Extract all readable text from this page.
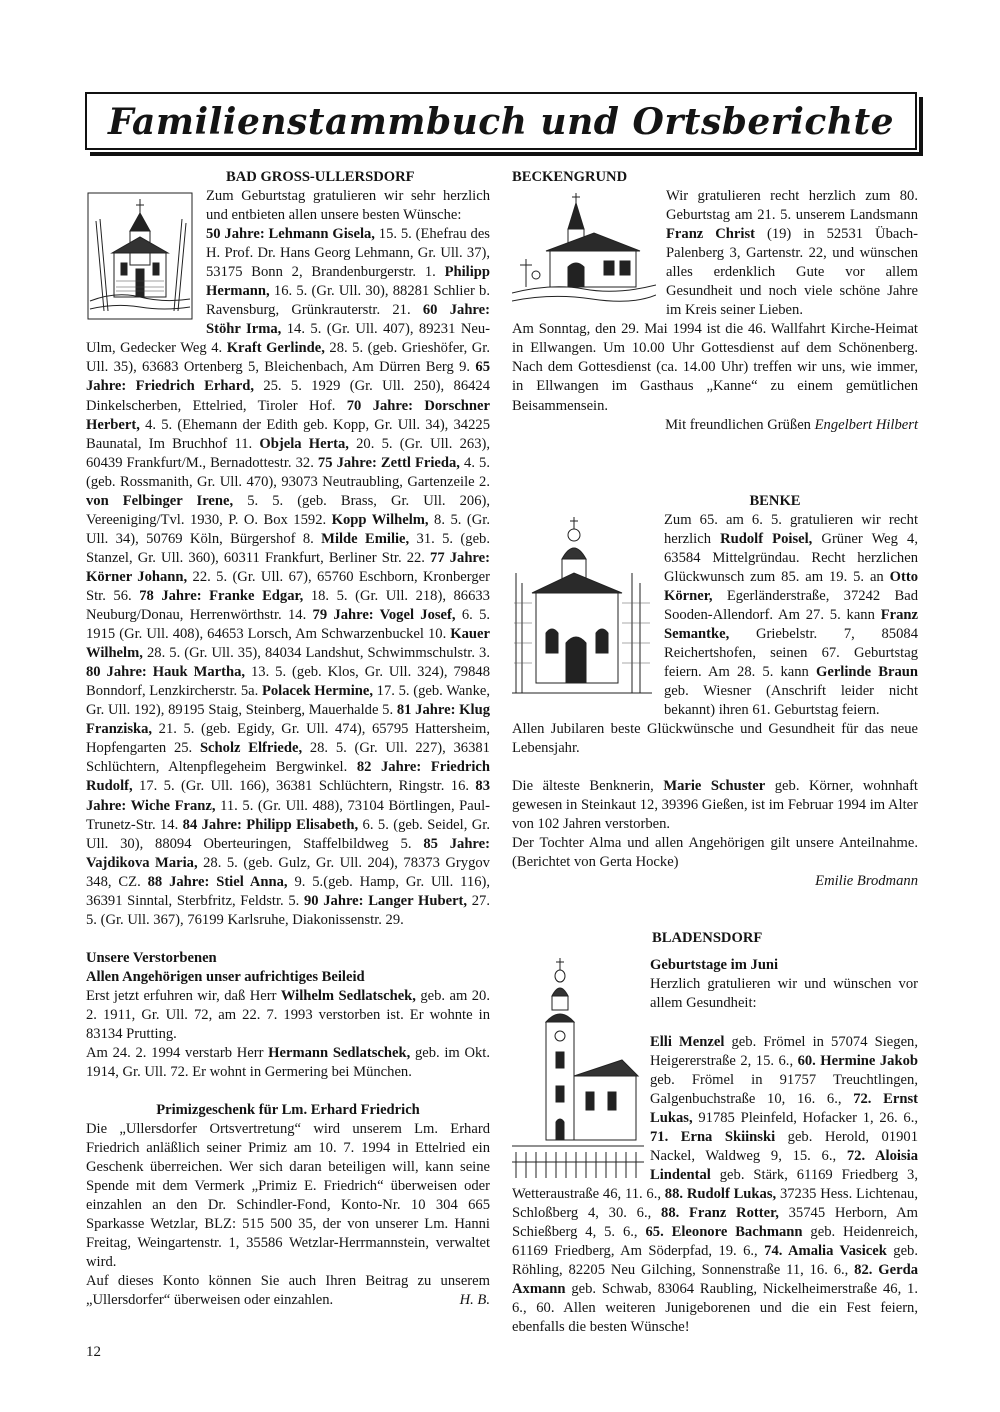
Familienstammbuch und Ortsberichte
BAD GROSS-ULLERSDORF

Zum Geburtstag gratulieren wir sehr herzlich und entbieten allen unsere besten Wünsche:

50 Jahre: Lehmann Gisela, 15. 5. (Ehefrau des H. Prof. Dr. Hans Georg Lehmann, Gr. Ull. 37), 53175 Bonn 2, Brandenburgerstr. 1. Philipp Hermann, 16. 5. (Gr. Ull. 30), 88281 Schlier b. Ravensburg, Grünkrauterstr. 21. 60 Jahre: Stöhr Irma, 14. 5. (Gr. Ull. 407), 89231 Neu-Ulm, Gedecker Weg 4. Kraft Gerlinde, 28. 5. (geb. Grieshöfer, Gr. Ull. 35), 63683 Ortenberg 5, Bleichenbach, Am Dürren Berg 9. 65 Jahre: Friedrich Erhard, 25. 5. 1929 (Gr. Ull. 250), 86424 Dinkelscherben, Ettelried, Tiroler Hof. 70 Jahre: Dorschner Herbert, 4. 5. (Ehemann der Edith geb. Kopp, Gr. Ull. 34), 34225 Baunatal, Im Bruchhof 11. Objela Herta, 20. 5. (Gr. Ull. 263), 60439 Frankfurt/M., Bernadottestr. 32. 75 Jahre: Zettl Frieda, 4. 5. (geb. Rossmanith, Gr. Ull. 470), 93073 Neutraubling, Gartenzeile 2. von Felbinger Irene, 5. 5. (geb. Brass, Gr. Ull. 206), Vereeniging/Tvl. 1930, P. O. Box 1592. Kopp Wilhelm, 8. 5. (Gr. Ull. 34), 50769 Köln, Bürgershof 8. Milde Emilie, 31. 5. (geb. Stanzel, Gr. Ull. 360), 60311 Frankfurt, Berliner Str. 22. 77 Jahre: Körner Johann, 22. 5. (Gr. Ull. 67), 65760 Eschborn, Kronberger Str. 56. 78 Jahre: Franke Edgar, 18. 5. (Gr. Ull. 218), 86633 Neuburg/Donau, Herrenwörthstr. 14. 79 Jahre: Vogel Josef, 6. 5. 1915 (Gr. Ull. 408), 64653 Lorsch, Am Schwarzenbuckel 10. Kauer Wilhelm, 28. 5. (Gr. Ull. 35), 84034 Landshut, Schwimmschulstr. 3. 80 Jahre: Hauk Martha, 13. 5. (geb. Klos, Gr. Ull. 324), 79848 Bonndorf, Lenzkircherstr. 5a. Polacek Hermine, 17. 5. (geb. Wanke, Gr. Ull. 192), 89195 Staig, Steinberg, Mauerhalde 5. 81 Jahre: Klug Franziska, 21. 5. (geb. Egidy, Gr. Ull. 474), 65795 Hattersheim, Hopfengarten 25. Scholz Elfriede, 28. 5. (Gr. Ull. 227), 36381 Schlüchtern, Altenpflegeheim Bergwinkel. 82 Jahre: Friedrich Rudolf, 17. 5. (Gr. Ull. 166), 36381 Schlüchtern, Ringstr. 16. 83 Jahre: Wiche Franz, 11. 5. (Gr. Ull. 488), 73104 Börtlingen, Paul-Trunetz-Str. 14. 84 Jahre: Philipp Elisabeth, 6. 5. (geb. Seidel, Gr. Ull. 30), 88094 Oberteuringen, Staffelbildweg 5. 85 Jahre: Vajdikova Maria, 28. 5. (geb. Gulz, Gr. Ull. 204), 78373 Grygov 348, CZ. 88 Jahre: Stiel Anna, 9. 5.(geb. Hamp, Gr. Ull. 116), 36391 Sinntal, Sterbfritz, Feldstr. 5. 90 Jahre: Langer Hubert, 27. 5. (Gr. Ull. 367), 76199 Karlsruhe, Diakonissenstr. 29.

Unsere Verstorbenen
Allen Angehörigen unser aufrichtiges Beileid

Erst jetzt erfuhren wir, daß Herr Wilhelm Sedlatschek, geb. am 20. 2. 1911, Gr. Ull. 72, am 22. 7. 1993 verstorben ist. Er wohnte in 83134 Prutting.

Am 24. 2. 1994 verstarb Herr Hermann Sedlatschek, geb. im Okt. 1914, Gr. Ull. 72. Er wohnt in Germering bei München.

Primizgeschenk für Lm. Erhard Friedrich

Die „Ullersdorfer Ortsvertretung“ wird unserem Lm. Erhard Friedrich anläßlich seiner Primiz am 10. 7. 1994 in Ettelried ein Geschenk überreichen. Wer sich daran beteiligen will, kann seine Spende mit dem Vermerk „Primiz E. Friedrich“ überweisen oder einzahlen an den Dr. Schindler-Fond, Konto-Nr. 10 304 665 Sparkasse Wetzlar, BLZ: 515 500 35, der von unserer Lm. Hanni Freitag, Weingartenstr. 1, 35586 Wetzlar-Herrmannstein, verwaltet wird.

Auf dieses Konto können Sie auch Ihren Beitrag zu unserem „Ullersdorfer“ überweisen oder einzahlen.	H. B.

BECKENGRUND

Wir gratulieren recht herzlich zum 80. Geburtstag am 21. 5. unserem Landsmann Franz Christ (19) in 52531 Übach-Palenberg 3, Gartenstr. 22, und wünschen alles erdenklich Gute vor allem Gesundheit und noch viele schöne Jahre im Kreis seiner Lieben.

Am Sonntag, den 29. Mai 1994 ist die 46. Wallfahrt Kirche-Heimat in Ellwangen. Um 10.00 Uhr Gottesdienst auf dem Schönenberg. Nach dem Gottesdienst (ca. 14.00 Uhr) treffen wir uns, wie immer, in Ellwangen im Gasthaus „Kanne“ zu einem gemütlichen Beisammensein.

Mit freundlichen Grüßen Engelbert Hilbert

BENKE

Zum 65. am 6. 5. gratulieren wir recht herzlich Rudolf Poisel, Grüner Weg 4, 63584 Mittelgründau. Recht herzlichen Glückwunsch zum 85. am 19. 5. an Otto Körner, Egerländerstraße, 37242 Bad Sooden-Allendorf. Am 27. 5. kann Franz Semantke, Griebelstr. 7, 85084 Reichertshofen, seinen 67. Geburtstag feiern. Am 28. 5. kann Gerlinde Braun geb. Wiesner (Anschrift leider nicht bekannt) ihren 61. Geburtstag feiern.

Allen Jubilaren beste Glückwünsche und Gesundheit für das neue Lebensjahr.

Die älteste Benknerin, Marie Schuster geb. Körner, wohnhaft gewesen in Steinkaut 12, 39396 Gießen, ist im Februar 1994 im Alter von 102 Jahren verstorben.

Der Tochter Alma und allen Angehörigen gilt unsere Anteilnahme. (Berichtet von Gerta Hocke)

Emilie Brodmann

BLADENSDORF
Geburtstage im Juni

Herzlich gratulieren wir und wünschen vor allem Gesundheit:

Elli Menzel geb. Frömel in 57074 Siegen, Heigererstraße 2, 15. 6., 60. Hermine Jakob geb. Frömel in 91757 Treuchtlingen, Galgenbuchstraße 10, 16. 6., 72. Ernst Lukas, 91785 Pleinfeld, Hofacker 1, 26. 6., 71. Erna Skiinski geb. Herold, 01901 Nackel, Waldweg 9, 15. 6., 72. Aloisia Lindental geb. Stärk, 61169 Friedberg 3, Wetteraustraße 46, 11. 6., 88. Rudolf Lukas, 37235 Hess. Lichtenau, Schloßberg 4, 30. 6., 88. Franz Rotter, 35745 Herborn, Am Schießberg 4, 5. 6., 65. Eleonore Bachmann geb. Heidenreich, 61169 Friedberg, Am Söderpfad, 19. 6., 74. Amalia Vasicek geb. Röhling, 82205 Neu Gilching, Sonnenstraße 11, 16. 6., 82. Gerda Axmann geb. Schwab, 83064 Raubling, Nickelheimerstraße 46, 1. 6., 60. Allen weiteren Junigeborenen und die ein Fest feiern, ebenfalls die besten Wünsche!

12
